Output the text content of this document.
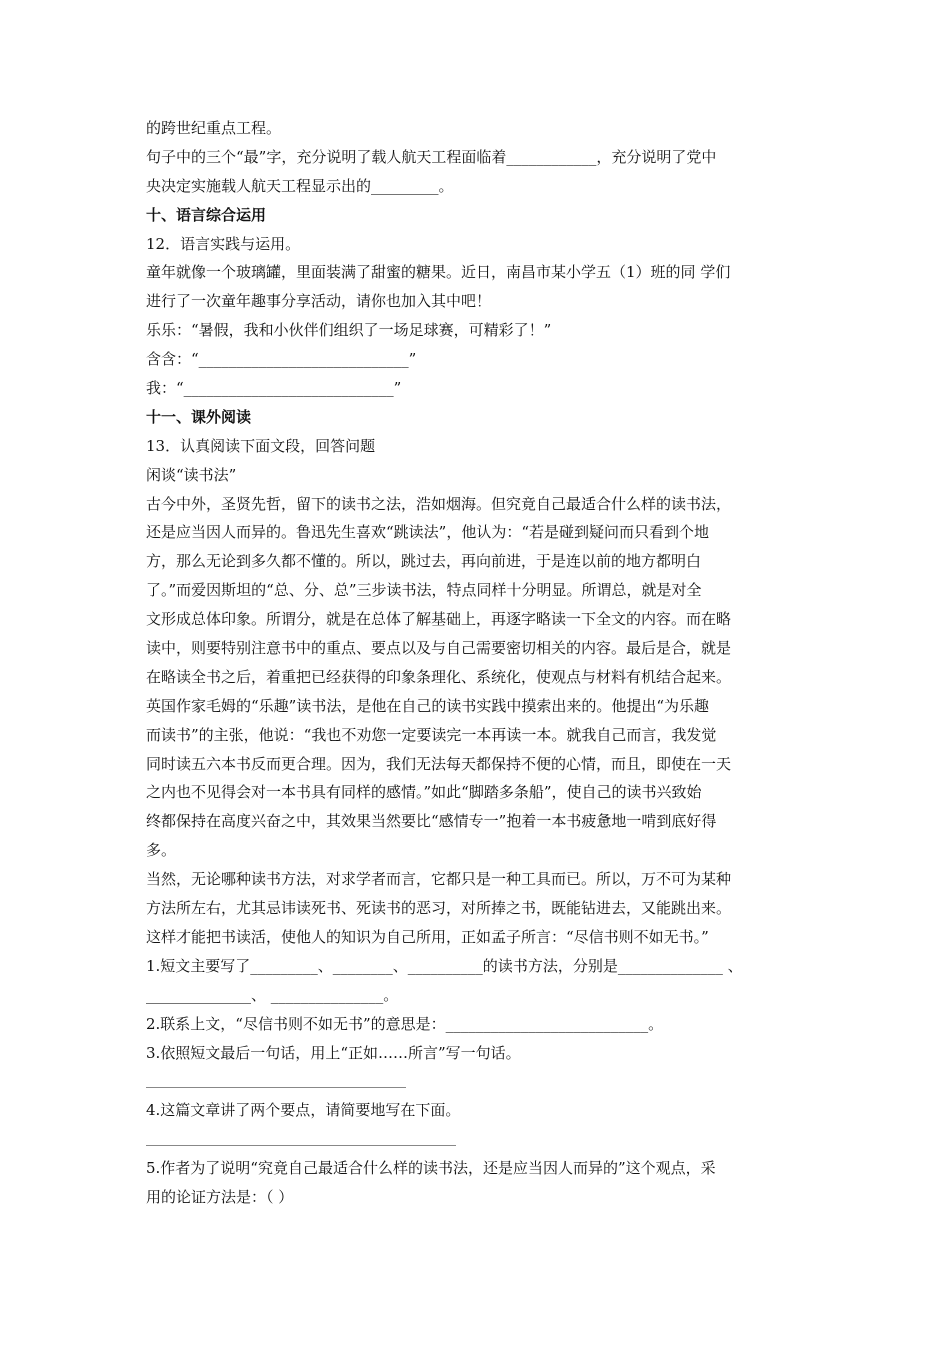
的跨世纪重点工程。
句子中的三个“最”字，充分说明了载人航天工程面临着____________，充分说明了党中
央决定实施载人航天工程显示出的_________。
十、语言综合运用
12．语言实践与运用。
童年就像一个玻璃罐，里面装满了甜蜜的糖果。近日，南昌市某小学五（1）班的同 学们
进行了一次童年趣事分享活动，请你也加入其中吧！
乐乐：“暑假，我和小伙伴们组织了一场足球赛，可精彩了！”
含含：“____________________________”
我：“____________________________”
十一、课外阅读
13．认真阅读下面文段，回答问题
闲谈“读书法”
古今中外，圣贤先哲，留下的读书之法，浩如烟海。但究竟自己最适合什么样的读书法，
还是应当因人而异的。鲁迅先生喜欢“跳读法”，他认为：“若是碰到疑问而只看到个地
方，那么无论到多久都不懂的。所以，跳过去，再向前进，于是连以前的地方都明白
了。”而爱因斯坦的“总、分、总”三步读书法，特点同样十分明显。所谓总，就是对全
文形成总体印象。所谓分，就是在总体了解基础上，再逐字略读一下全文的内容。而在略
读中，则要特别注意书中的重点、要点以及与自己需要密切相关的内容。最后是合，就是
在略读全书之后，着重把已经获得的印象条理化、系统化，使观点与材料有机结合起来。
英国作家毛姆的“乐趣”读书法，是他在自己的读书实践中摸索出来的。他提出“为乐趣
而读书”的主张，他说：“我也不劝您一定要读完一本再读一本。就我自己而言，我发觉
同时读五六本书反而更合理。因为，我们无法每天都保持不便的心情，而且，即使在一天
之内也不见得会对一本书具有同样的感情。”如此“脚踏多条船”，使自己的读书兴致始
终都保持在高度兴奋之中，其效果当然要比“感情专一”抱着一本书疲惫地一啃到底好得
多。
当然，无论哪种读书方法，对求学者而言，它都只是一种工具而已。所以，万不可为某种
方法所左右，尤其忌讳读死书、死读书的恶习，对所捧之书，既能钻进去，又能跳出来。
这样才能把书读活，使他人的知识为自己所用，正如孟子所言：“尽信书则不如无书。”
1.短文主要写了_________、________、__________的读书方法，分别是______________ 、
______________、 _______________。
2.联系上文，“尽信书则不如无书”的意思是：___________________________。
3.依照短文最后一句话，用上“正如……所言”写一句话。
4.这篇文章讲了两个要点，请简要地写在下面。
5.作者为了说明“究竟自己最适合什么样的读书法，还是应当因人而异的”这个观点，采
用的论证方法是：（ ）
